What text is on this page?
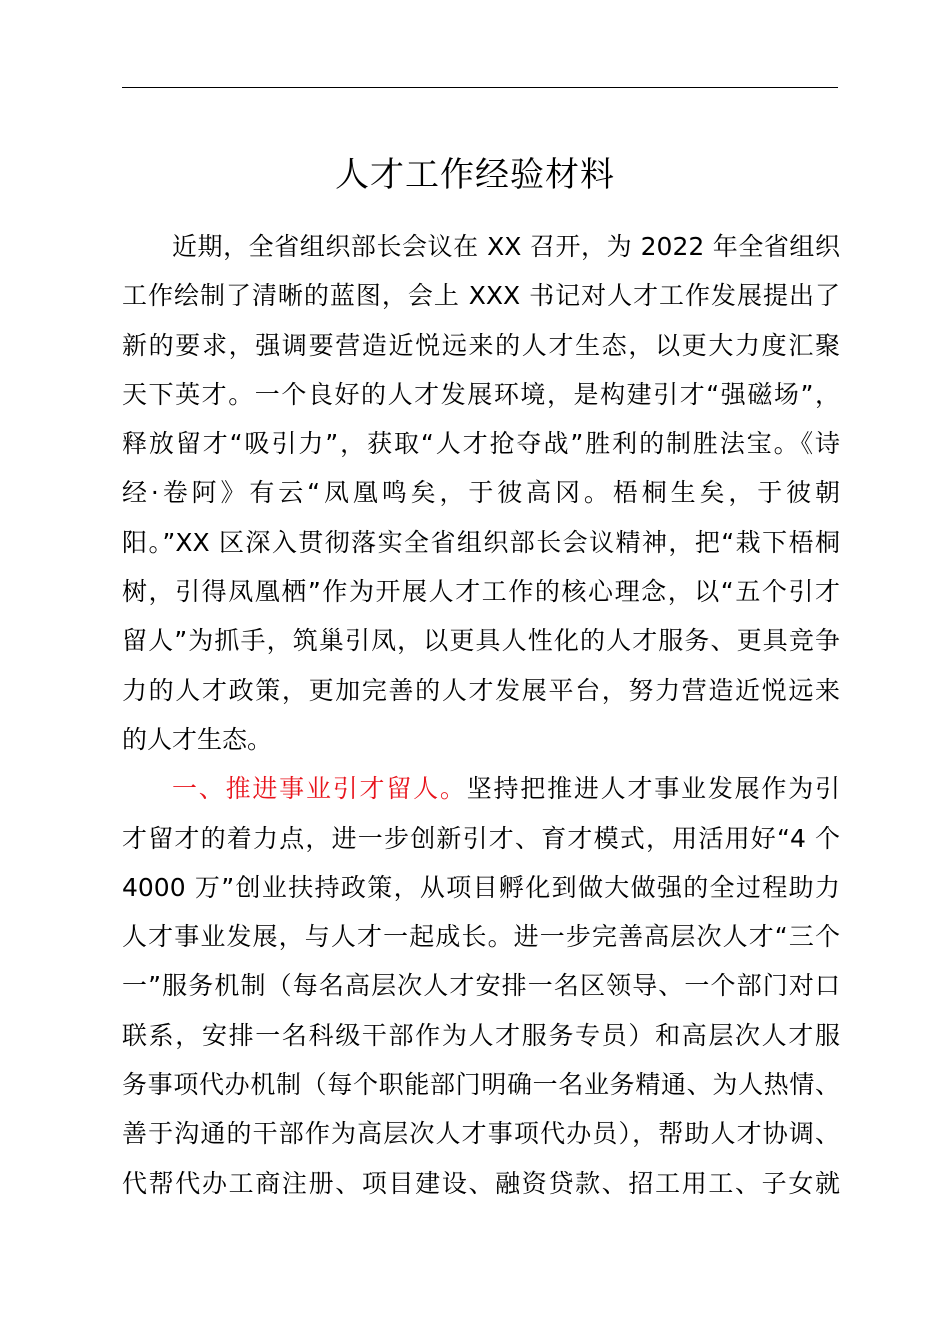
人才工作经验材料
近期，全省组织部长会议在 XX 召开，为 2022 年全省组织
工作绘制了清晰的蓝图，会上 XXX 书记对人才工作发展提出了
新的要求，强调要营造近悦远来的人才生态，以更大力度汇聚
天下英才。一个良好的人才发展环境，是构建引才“强磁场”，
释放留才“吸引力”，获取“人才抢夺战”胜利的制胜法宝。《诗
经·卷阿》有云“凤凰鸣矣，于彼高冈。梧桐生矣，于彼朝
阳。”XX 区深入贯彻落实全省组织部长会议精神，把“栽下梧桐
树，引得凤凰栖”作为开展人才工作的核心理念，以“五个引才
留人”为抓手，筑巢引凤，以更具人性化的人才服务、更具竞争
力的人才政策，更加完善的人才发展平台，努力营造近悦远来
的人才生态。
一、推进事业引才留人。坚持把推进人才事业发展作为引
才留才的着力点，进一步创新引才、育才模式，用活用好“4 个
4000 万”创业扶持政策，从项目孵化到做大做强的全过程助力
人才事业发展，与人才一起成长。进一步完善高层次人才“三个
一”服务机制（每名高层次人才安排一名区领导、一个部门对口
联系，安排一名科级干部作为人才服务专员）和高层次人才服
务事项代办机制（每个职能部门明确一名业务精通、为人热情、
善于沟通的干部作为高层次人才事项代办员），帮助人才协调、
代帮代办工商注册、项目建设、融资贷款、招工用工、子女就
